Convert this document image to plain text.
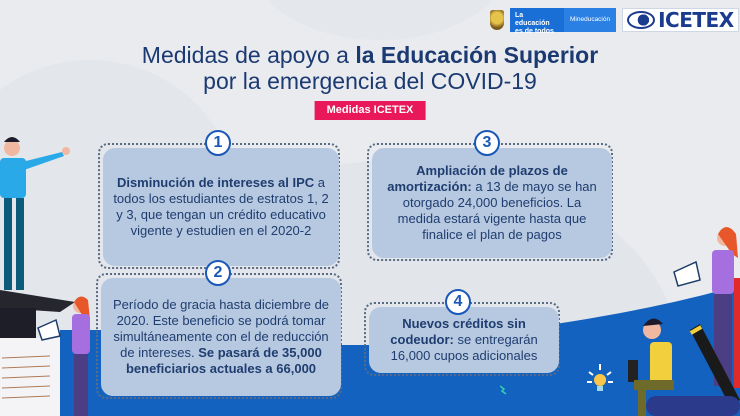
La educación
es de todos
Mineducación	ICETEX
Medidas de apoyo a la Educación Superior
por la emergencia del COVID-19
Medidas ICETEX
Disminución de intereses al IPC a todos los estudiantes de estratos 1, 2 y 3, que tengan un crédito educativo vigente y estudien en el 2020-2
1
Ampliación de plazos de amortización: a 13 de mayo se han otorgado 24,000 beneficios. La medida estará vigente hasta que finalice el plan de pagos
3
Período de gracia hasta diciembre de 2020. Este beneficio se podrá tomar simultáneamente con el de reducción de intereses. Se pasará de 35,000 beneficiarios actuales a 66,000
2
Nuevos créditos sin codeudor: se entregarán 16,000 cupos adicionales
4
